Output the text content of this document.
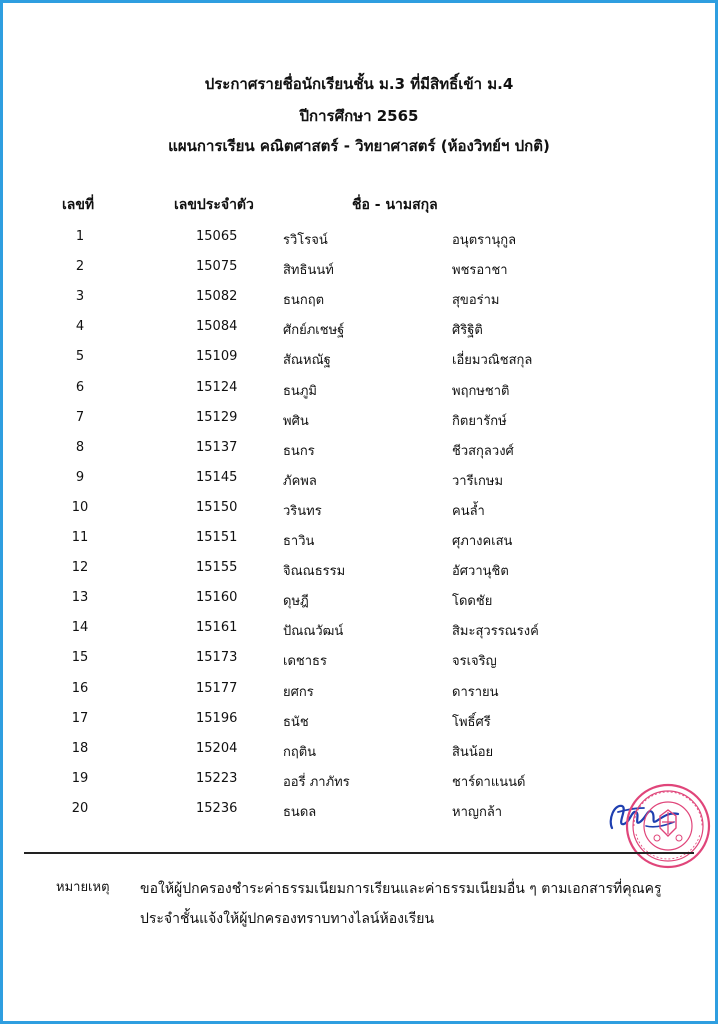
ประกาศรายชื่อนักเรียนชั้น ม.3 ที่มีสิทธิ์เข้า ม.4
ปีการศึกษา 2565
แผนการเรียน คณิตศาสตร์ - วิทยาศาสตร์ (ห้องวิทย์ฯ ปกติ)
เลขที่	เลขประจำตัว	ชื่อ - นามสกุล
1	15065	รวิโรจน์	อนุตรานุกูล
2	15075	สิทธินนท์	พชรอาชา
3	15082	ธนกฤต	สุขอร่าม
4	15084	ศักย์ภเชษฐ์	ศิริฐิติ
5	15109	สัณหณัฐ	เอี่ยมวณิชสกุล
6	15124	ธนภูมิ	พฤกษชาติ
7	15129	พศิน	กิตยารักษ์
8	15137	ธนกร	ชีวสกุลวงศ์
9	15145	ภัคพล	วารีเกษม
10	15150	วรินทร	คนล้ำ
11	15151	ธาวิน	ศุภางคเสน
12	15155	จิณณธรรม	อัศวานุชิต
13	15160	ดุษฎี	โดดชัย
14	15161	ปัณณวัฒน์	สิมะสุวรรณรงค์
15	15173	เดชาธร	จรเจริญ
16	15177	ยศกร	ดารายน
17	15196	ธนัช	โพธิ์ศรี
18	15204	กฤติน	สินน้อย
19	15223	ออรี่ ภาภัทร	ชาร์ดาแนนด์
20	15236	ธนดล	หาญกล้า
หมายเหตุ ขอให้ผู้ปกครองชำระค่าธรรมเนียมการเรียนและค่าธรรมเนียมอื่น ๆ ตามเอกสารที่คุณครูประจำชั้นแจ้งให้ผู้ปกครองทราบทางไลน์ห้องเรียน
